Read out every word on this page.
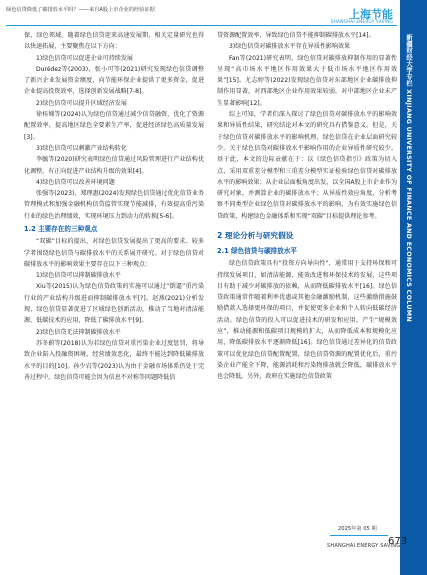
绿色信贷降低了碳排放水平吗？——来自A股上市企业的经验证据	上海节能
SHANGHAI ENERGY SAVING
新疆财经大学专栏 XINJIANG UNIVERSITY OF FINANCE AND ECONOMICS COLUMN

保、绿色领域。随着绿色信贷迎来高速发展期，相关定量研究也得以快速拓展，主要聚焦在以下方向：

1)绿色信贷可以促进企业可持续发展

Durédez等(2003)、张小可等(2021)研究发现绿色信贷调整了新兴企业发展资金额度，向节能环保企业提供了更多资金，促进企业提高投资效率、选择创新发展战略[7-8]。

2)绿色信贷可以提升区域经济发展

徐桂娣等(2024)认为绿色信贷通过减少信贷融资，优化了资源配置效率，提高地区绿色全要素生产率，促进经济绿色高质量发展[3]。

3)绿色信贷可以刺激产业结构转化

李毓等(2020)研究表明绿色信贷通过风险管理进行产业结构优化调整，有正向促进产业结构升级的效果[4]。

4)绿色信贷可以改善环境问题

张强等(2023)、郑理惠(2024)发现绿色信贷通过优化信贷业务管理模式和加强金融机构信贷监管实现节能减排，有效提高重污染行业的绿色治理绩效，实现环境压力到动力的转换[5-6]。

1.2 主要存在的三种观点

“双碳”目标的提出，对绿色信贷发展提出了更高的要求。较多学者围绕绿色信贷与碳排放水平的关系展开研究。对于绿色信贷对碳排放水平的影响效果主要存在以下三种观点：

1)绿色信贷可以抑制碳排放水平

Xiu等(2015)认为绿色信贷政策的实施可以通过“倒逼”重污染行业的产业结构升级进而抑制碳排放水平[?]。赵燕(2021)分析发现，绿色信贷显著促进了区域绿色创新活动，推动了当地对清洁能源、低碳技术的应用，降低了碳排放水平[9]。

2)绿色信贷无法抑制碳排放水平

苏冬蔚等(2018)认为若绿色信贷对重污染企业过度惩罚，将导致企业陷入投融资困境、经营绩效恶化，最终不能达到降低碳排放水平的目的[10]。孙少岩等(2023)认为由于金融市场体系仍处于完善过程中，绿色信贷可能会因为信息不对称等问题降低信

贷资源配置效率，导致绿色信贷不能抑制碳排放水平[14]。

3)绿色信贷对碳排放水平存在异质性影响效果

Fan等(2021)研究表明，绿色信贷对碳排放抑制作用的显著性呈现“高市场水平地区作用效果大于低市场水平地区作用效果”[15]。尤志婷等(2022)发现绿色信贷对东部地区企业碳排放抑制作用显著，对西部地区企业作用效果较弱，对中部地区企业未产生显著影响[12]。

综上可知，学者们深入探讨了绿色信贷对碳排放水平的影响效果和异质性结果，研究结论对本文的研究具有借鉴意义。但是，关于绿色信贷对碳排放水平的影响机理、绿色信贷在企业层面研究较少。关于绿色信贷对碳排放水平影响作用的企业异质性研究较少。基于此，本文的边际贡献在于：以《绿色信贷指引》政策为切入点，采用双重差分模型和三重差分模型实证检验绿色信贷对碳排放水平的影响效果；从企业层面板角度出发，以全国A股上市企业作为研究对象，并测算企业的碳排放水平；从异质性效应角度，分析考察不同类型企业绿色信贷对碳排放水平的影响，为有效实施绿色信贷政策、构建绿色金融体系和实现“双碳”目标提供理论参考。

2 理论分析与研究假设

2.1 绿色信贷与碳排放水平

绿色信贷政策具有“投资方向导向性”，通常用于支持环保和可持续发展项目，如清洁能源、能效改进和环保技术的发展，这些项目有助于减少对碳排放的依赖，从而降低碳排放水平[16]。绿色信贷政策通常伴随着利率优惠或其他金融激励机制，这些激励措施鼓励借款人选择更环保的项目，并促使更多企业和个人转向低碳经济活动。绿色信贷的投入可以促进技术的研发和应用，产生“规模效应”，推动能源和低碳项目规模的扩大，从而降低成本和规模化应用，降低碳排放水平逐渐降低[16]。绿色信贷通过差异化的信贷政策可以优化绿色信贷配置配置，绿色信贷资源的配置优化后，重污染企业产能全下降，能源消耗和污染物排放就会降低，碳排放水平也会降低。另外，政府在实施绿色信贷政策

2025年第 05 期
SHANGHAI ENERGY SAVING
673
